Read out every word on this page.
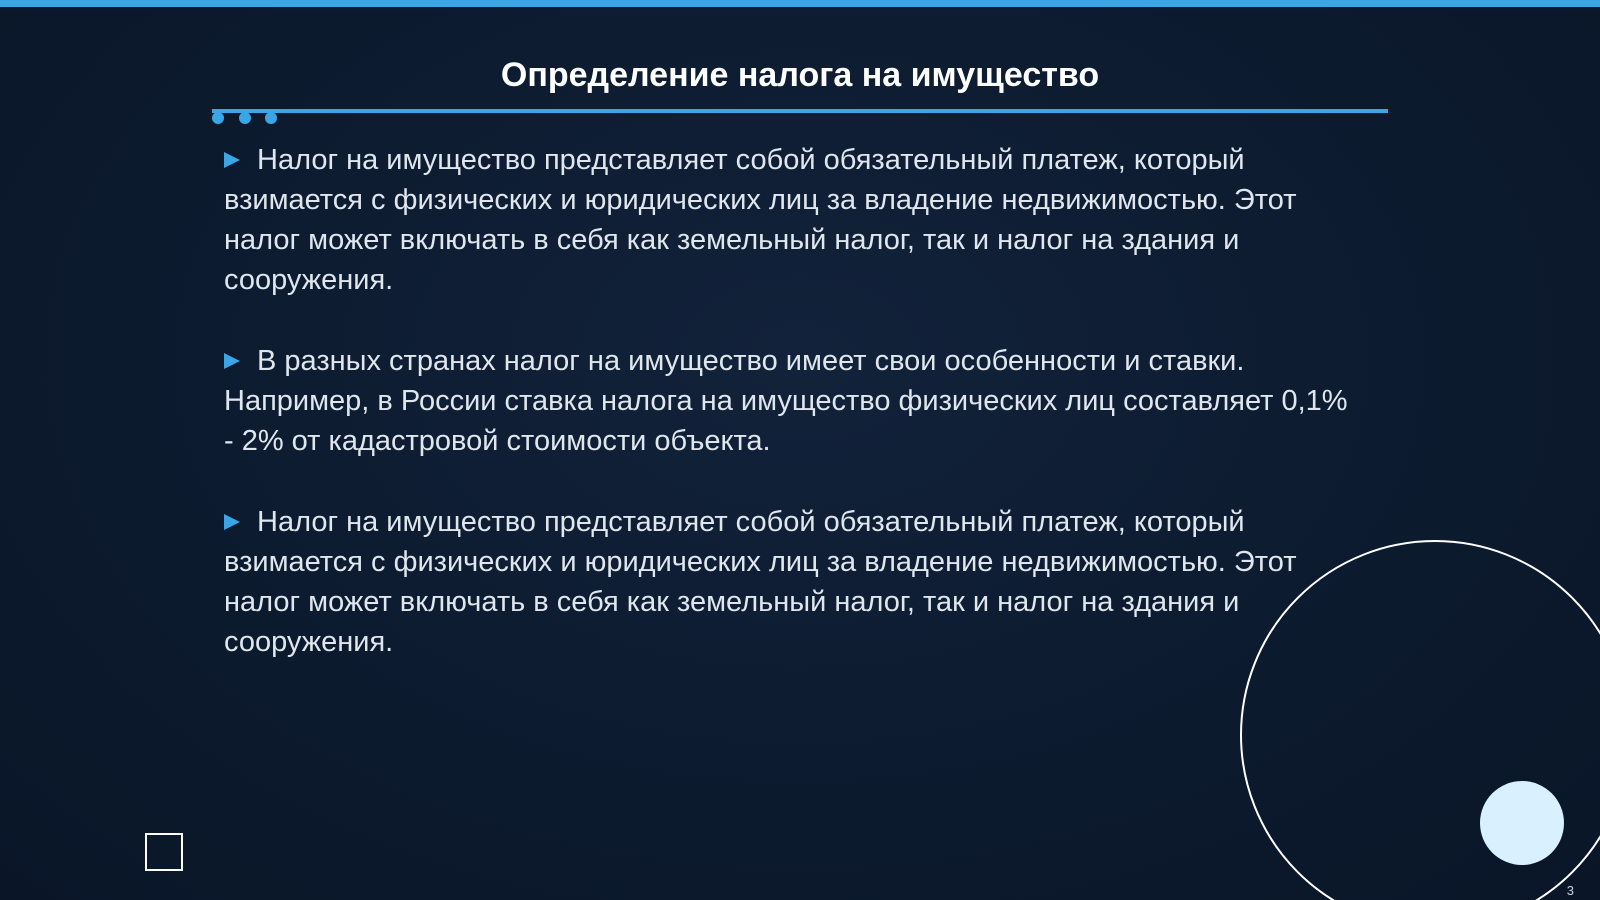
Определение налога на имущество
Налог на имущество представляет собой обязательный платеж, который взимается с физических и юридических лиц за владение недвижимостью. Этот налог может включать в себя как земельный налог, так и налог на здания и сооружения.
В разных странах налог на имущество имеет свои особенности и ставки. Например, в России ставка налога на имущество физических лиц составляет 0,1% - 2% от кадастровой стоимости объекта.
Налог на имущество представляет собой обязательный платеж, который взимается с физических и юридических лиц за владение недвижимостью. Этот налог может включать в себя как земельный налог, так и налог на здания и сооружения.
3
